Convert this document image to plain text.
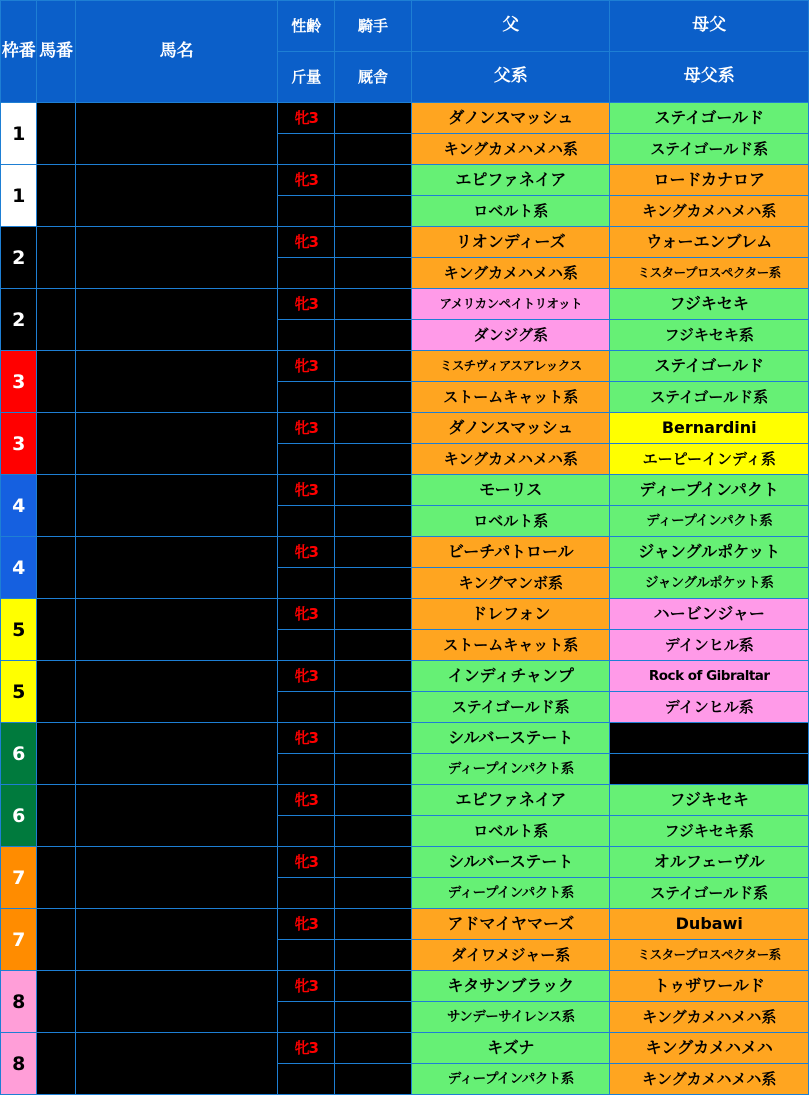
枠番	馬番	馬名	性齢	騎手	父	母父
			斤量	厩舎	父系	母父系
1			牝3		ダノンスマッシュ	ステイゴールド
					キングカメハメハ系	ステイゴールド系
1			牝3		エピファネイア	ロードカナロア
					ロベルト系	キングカメハメハ系
2			牝3		リオンディーズ	ウォーエンブレム
					キングカメハメハ系	ミスタープロスペクター系
2			牝3		アメリカンペイトリオット	フジキセキ
					ダンジグ系	フジキセキ系
3			牝3		ミスチヴィアスアレックス	ステイゴールド
					ストームキャット系	ステイゴールド系
3			牝3		ダノンスマッシュ	Bernardini
					キングカメハメハ系	エーピーインディ系
4			牝3		モーリス	ディープインパクト
					ロベルト系	ディープインパクト系
4			牝3		ビーチパトロール	ジャングルポケット
					キングマンボ系	ジャングルポケット系
5			牝3		ドレフォン	ハービンジャー
					ストームキャット系	デインヒル系
5			牝3		インディチャンプ	Rock of Gibraltar
					ステイゴールド系	デインヒル系
6			牝3		シルバーステート	
					ディープインパクト系	
6			牝3		エピファネイア	フジキセキ
					ロベルト系	フジキセキ系
7			牝3		シルバーステート	オルフェーヴル
					ディープインパクト系	ステイゴールド系
7			牝3		アドマイヤマーズ	Dubawi
					ダイワメジャー系	ミスタープロスペクター系
8			牝3		キタサンブラック	トゥザワールド
					サンデーサイレンス系	キングカメハメハ系
8			牝3		キズナ	キングカメハメハ
					ディープインパクト系	キングカメハメハ系
